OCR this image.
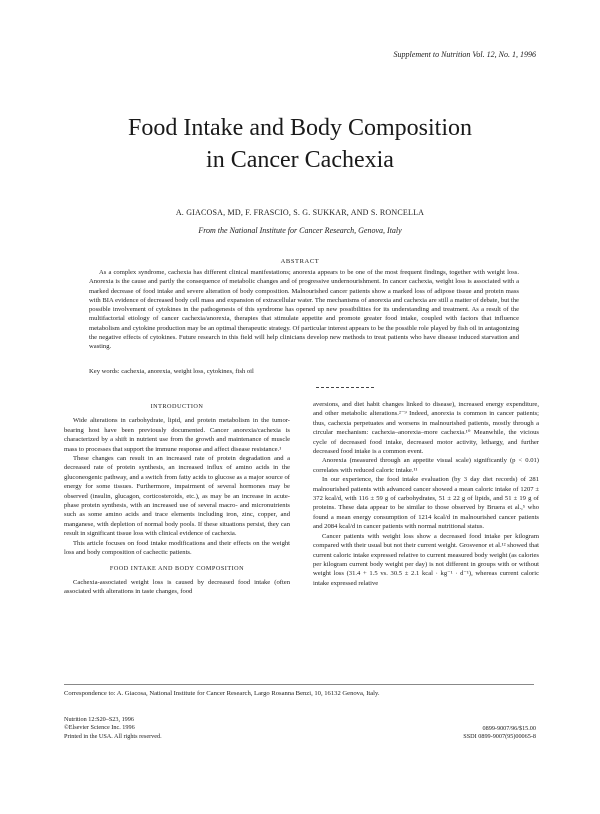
Supplement to Nutrition Vol. 12, No. 1, 1996
Food Intake and Body Composition
in Cancer Cachexia
A. GIACOSA, MD, F. FRASCIO, S. G. SUKKAR, AND S. RONCELLA
From the National Institute for Cancer Research, Genova, Italy
ABSTRACT
As a complex syndrome, cachexia has different clinical manifestations; anorexia appears to be one of the most frequent findings, together with weight loss. Anorexia is the cause and partly the consequence of metabolic changes and of progressive undernourishment. In cancer cachexia, weight loss is associated with a marked decrease of food intake and severe alteration of body composition. Malnourished cancer patients show a marked loss of adipose tissue and protein mass with BIA evidence of decreased body cell mass and expansion of extracellular water. The mechanisms of anorexia and cachexia are still a matter of debate, but the possible involvement of cytokines in the pathogenesis of this syndrome has opened up new possibilities for its understanding and treatment. As a result of the multifactorial etiology of cancer cachexia/anorexia, therapies that stimulate appetite and promote greater food intake, coupled with factors that influence metabolism and cytokine production may be an optimal therapeutic strategy. Of particular interest appears to be the possible role played by fish oil in antagonizing the negative effects of cytokines. Future research in this field will help clinicians develop new methods to treat patients who have disease induced starvation and wasting.
Key words: cachexia, anorexia, weight loss, cytokines, fish oil

INTRODUCTION

Wide alterations in carbohydrate, lipid, and protein metabolism in the tumor-bearing host have been previously documented. Cancer anorexia/cachexia is characterized by a shift in nutrient use from the growth and maintenance of muscle mass to processes that support the immune response and affect disease resistance.¹

These changes can result in an increased rate of protein degradation and a decreased rate of protein synthesis, an increased influx of amino acids in the gluconeogenic pathway, and a switch from fatty acids to glucose as a major source of energy for some tissues. Furthermore, impairment of several hormones may be observed (insulin, glucagon, corticosteroids, etc.), as may be an increase in acute-phase protein synthesis, with an increased use of several macro- and micronutrients such as some amino acids and trace elements including iron, zinc, copper, and manganese, with depletion of normal body pools. If these situations persist, they can result in significant tissue loss with clinical evidence of cachexia.

This article focuses on food intake modifications and their effects on the weight loss and body composition of cachectic patients.

FOOD INTAKE AND BODY COMPOSITION

Cachexia-associated weight loss is caused by decreased food intake (often associated with alterations in taste changes, food

aversions, and diet habit changes linked to disease), increased energy expenditure, and other metabolic alterations.²⁻⁹ Indeed, anorexia is common in cancer patients; thus, cachexia perpetuates and worsens in malnourished patients, mostly through a circular mechanism: cachexia–anorexia–more cachexia.¹⁰ Meanwhile, the vicious cycle of decreased food intake, decreased motor activity, lethargy, and further decreased food intake is a common event.

Anorexia (measured through an appetite visual scale) significantly (p < 0.01) correlates with reduced caloric intake.¹¹

In our experience, the food intake evaluation (by 3 day diet records) of 281 malnourished patients with advanced cancer showed a mean caloric intake of 1207 ± 372 kcal/d, with 116 ± 59 g of carbohydrates, 51 ± 22 g of lipids, and 51 ± 19 g of proteins. These data appear to be similar to those observed by Bruera et al.,⁵ who found a mean energy consumption of 1214 kcal/d in malnourished cancer patients and 2084 kcal/d in cancer patients with normal nutritional status.

Cancer patients with weight loss show a decreased food intake per kilogram compared with their usual but not their current weight. Grosvenor et al.¹² showed that current caloric intake expressed relative to current measured body weight (as calories per kilogram current body weight per day) is not different in groups with or without weight loss (31.4 + 1.5 vs. 30.5 ± 2.1 kcal · kg⁻¹ · d⁻¹), whereas current caloric intake expressed relative

Correspondence to: A. Giacosa, National Institute for Cancer Research, Largo Rosanna Benzi, 10, 16132 Genova, Italy.
Nutrition 12:S20–S23, 1996
©Elsevier Science Inc. 1996
Printed in the USA. All rights reserved.
0899-9007/96/$15.00
SSDI 0899-9007(95)00065-8
